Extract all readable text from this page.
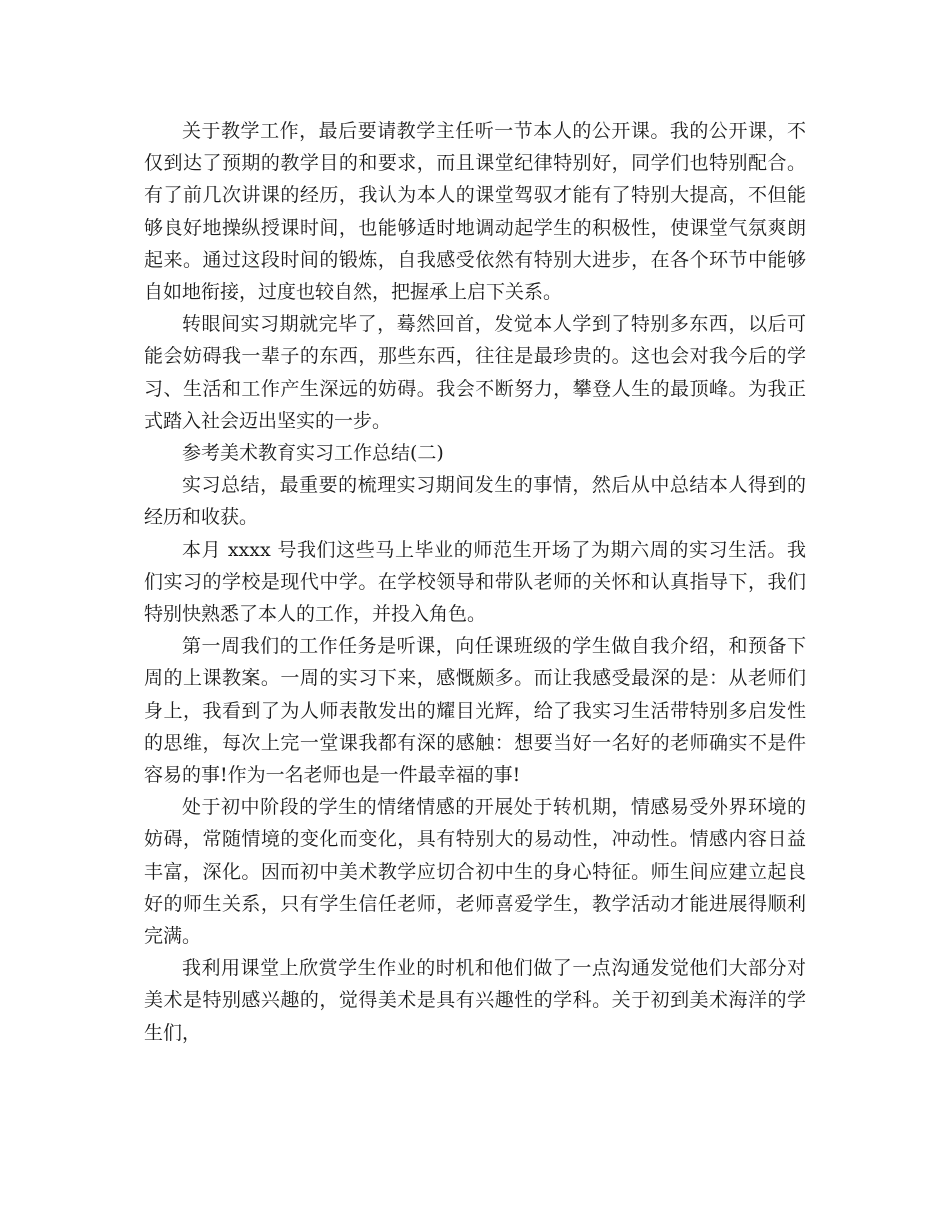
关于教学工作，最后要请教学主任听一节本人的公开课。我的公开课，不仅到达了预期的教学目的和要求，而且课堂纪律特别好，同学们也特别配合。有了前几次讲课的经历，我认为本人的课堂驾驭才能有了特别大提高，不但能够良好地操纵授课时间，也能够适时地调动起学生的积极性，使课堂气氛爽朗起来。通过这段时间的锻炼，自我感受依然有特别大进步，在各个环节中能够自如地衔接，过度也较自然，把握承上启下关系。

转眼间实习期就完毕了，蓦然回首，发觉本人学到了特别多东西，以后可能会妨碍我一辈子的东西，那些东西，往往是最珍贵的。这也会对我今后的学习、生活和工作产生深远的妨碍。我会不断努力，攀登人生的最顶峰。为我正式踏入社会迈出坚实的一步。

参考美术教育实习工作总结(二)

实习总结，最重要的梳理实习期间发生的事情，然后从中总结本人得到的经历和收获。

本月 xxxx 号我们这些马上毕业的师范生开场了为期六周的实习生活。我们实习的学校是现代中学。在学校领导和带队老师的关怀和认真指导下，我们特别快熟悉了本人的工作，并投入角色。

第一周我们的工作任务是听课，向任课班级的学生做自我介绍，和预备下周的上课教案。一周的实习下来，感慨颇多。而让我感受最深的是：从老师们身上，我看到了为人师表散发出的耀目光辉，给了我实习生活带特别多启发性的思维，每次上完一堂课我都有深的感触：想要当好一名好的老师确实不是件容易的事!作为一名老师也是一件最幸福的事!

处于初中阶段的学生的情绪情感的开展处于转机期，情感易受外界环境的妨碍，常随情境的变化而变化，具有特别大的易动性，冲动性。情感内容日益丰富，深化。因而初中美术教学应切合初中生的身心特征。师生间应建立起良好的师生关系，只有学生信任老师，老师喜爱学生，教学活动才能进展得顺利完满。

我利用课堂上欣赏学生作业的时机和他们做了一点沟通发觉他们大部分对美术是特别感兴趣的，觉得美术是具有兴趣性的学科。关于初到美术海洋的学生们，
